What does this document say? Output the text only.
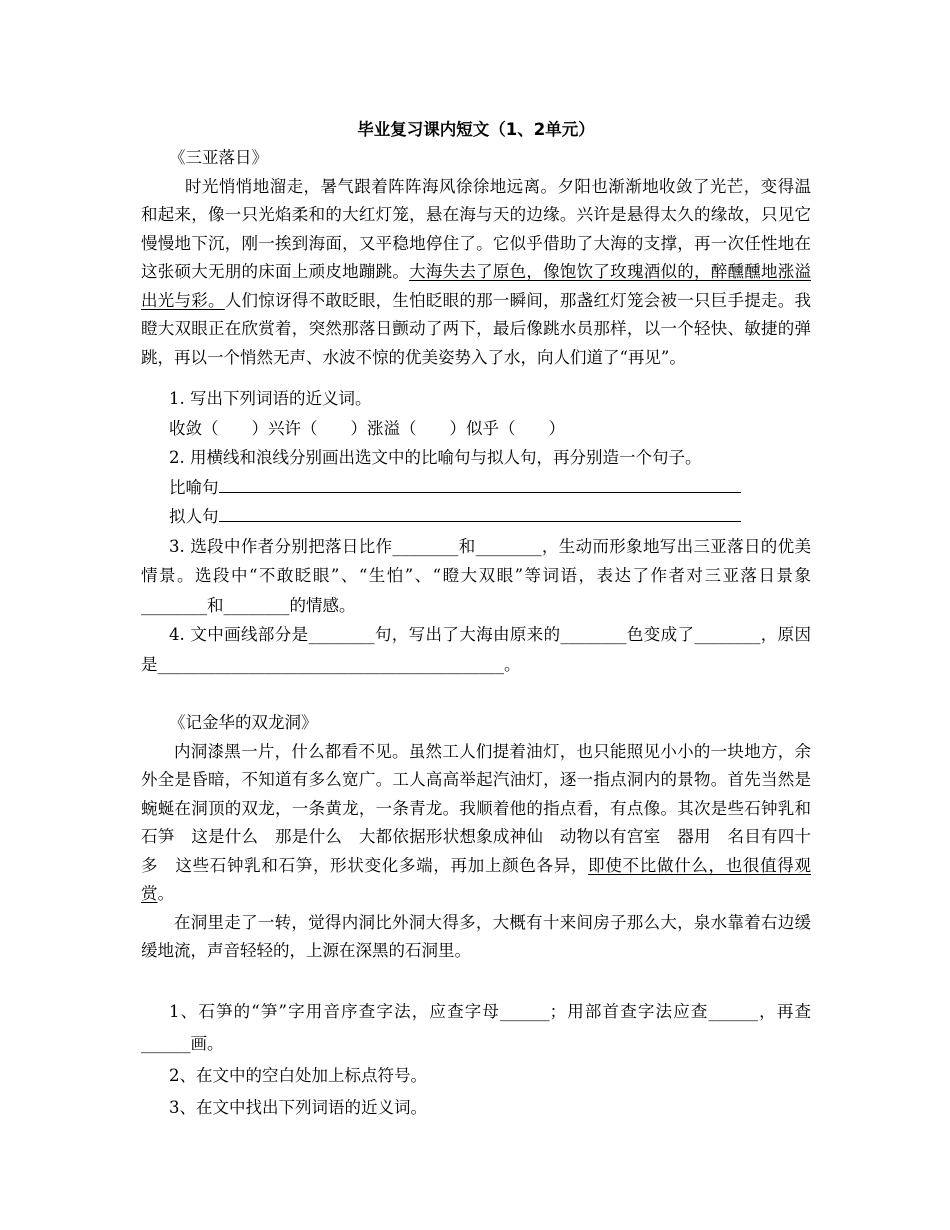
毕业复习课内短文（1、2单元）

《三亚落日》

时光悄悄地溜走，暑气跟着阵阵海风徐徐地远离。夕阳也渐渐地收敛了光芒，变得温和起来，像一只光焰柔和的大红灯笼，悬在海与天的边缘。兴许是悬得太久的缘故，只见它慢慢地下沉，刚一挨到海面，又平稳地停住了。它似乎借助了大海的支撑，再一次任性地在这张硕大无朋的床面上顽皮地蹦跳。大海失去了原色，像饱饮了玫瑰酒似的，醉醺醺地涨溢出光与彩。人们惊讶得不敢眨眼，生怕眨眼的那一瞬间，那盏红灯笼会被一只巨手提走。我瞪大双眼正在欣赏着，突然那落日颤动了两下，最后像跳水员那样，以一个轻快、敏捷的弹跳，再以一个悄然无声、水波不惊的优美姿势入了水，向人们道了“再见”。

1. 写出下列词语的近义词。

收敛（　　）兴许（　　）涨溢（　　）似乎（　　）

2. 用横线和浪线分别画出选文中的比喻句与拟人句，再分别造一个句子。

比喻句

拟人句

3. 选段中作者分别把落日比作________和________，生动而形象地写出三亚落日的优美情景。选段中“不敢眨眼”、“生怕”、“瞪大双眼”等词语，表达了作者对三亚落日景象________和________的情感。

4. 文中画线部分是________句，写出了大海由原来的________色变成了________，原因是__________________________________________。

《记金华的双龙洞》

内洞漆黑一片，什么都看不见。虽然工人们提着油灯，也只能照见小小的一块地方，余外全是昏暗，不知道有多么宽广。工人高高举起汽油灯，逐一指点洞内的景物。首先当然是蜿蜒在洞顶的双龙，一条黄龙，一条青龙。我顺着他的指点看，有点像。其次是些石钟乳和石笋　这是什么　那是什么　大都依据形状想象成神仙　动物以有宫室　器用　名目有四十多　这些石钟乳和石笋，形状变化多端，再加上颜色各异，即使不比做什么，也很值得观赏。

在洞里走了一转，觉得内洞比外洞大得多，大概有十来间房子那么大，泉水靠着右边缓缓地流，声音轻轻的，上源在深黑的石洞里。

1、石笋的“笋”字用音序查字法，应查字母______；用部首查字法应查______，再查______画。

2、在文中的空白处加上标点符号。

3、在文中找出下列词语的近义词。
